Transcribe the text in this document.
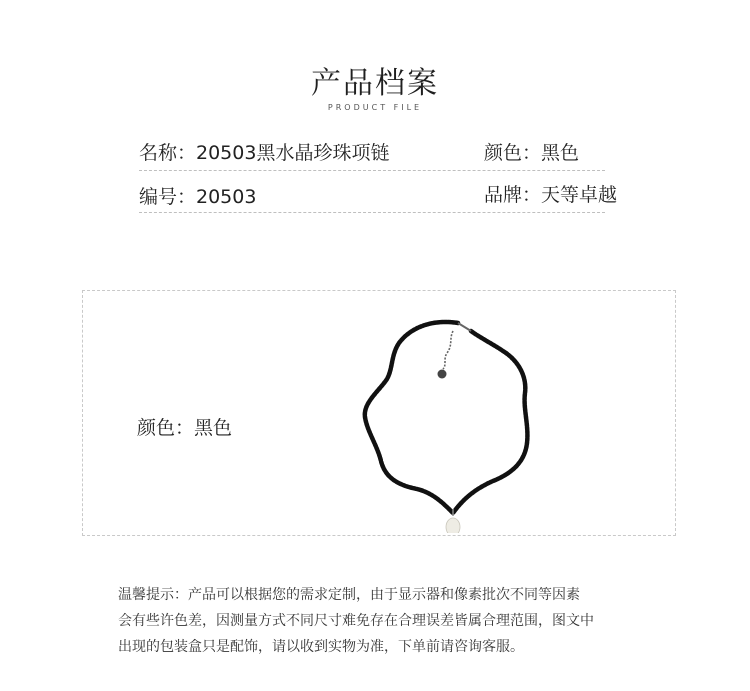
产品档案
PRODUCT FILE
名称：20503黑水晶珍珠项链	颜色：黑色
编号：20503	品牌：天等卓越
颜色：黑色
温馨提示：产品可以根据您的需求定制，由于显示器和像素批次不同等因素
会有些许色差，因测量方式不同尺寸难免存在合理误差皆属合理范围，图文中
出现的包装盒只是配饰，请以收到实物为准，下单前请咨询客服。
